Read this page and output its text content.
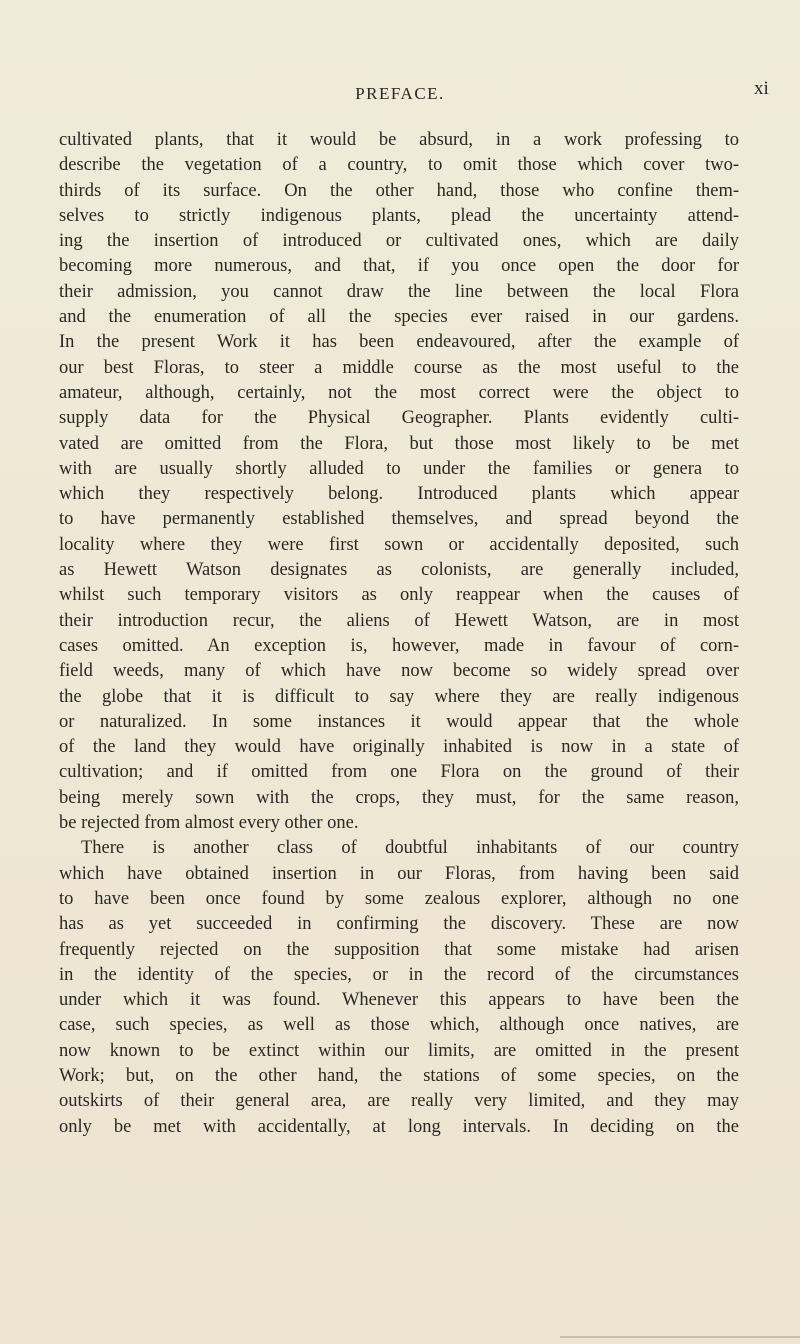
PREFACE.	xi
cultivated plants, that it would be absurd, in a work professing to
describe the vegetation of a country, to omit those which cover two-
thirds of its surface. On the other hand, those who confine them-
selves to strictly indigenous plants, plead the uncertainty attend-
ing the insertion of introduced or cultivated ones, which are daily
becoming more numerous, and that, if you once open the door for
their admission, you cannot draw the line between the local Flora
and the enumeration of all the species ever raised in our gardens.
In the present Work it has been endeavoured, after the example of
our best Floras, to steer a middle course as the most useful to the
amateur, although, certainly, not the most correct were the object to
supply data for the Physical Geographer. Plants evidently culti-
vated are omitted from the Flora, but those most likely to be met
with are usually shortly alluded to under the families or genera to
which they respectively belong. Introduced plants which appear
to have permanently established themselves, and spread beyond the
locality where they were first sown or accidentally deposited, such
as Hewett Watson designates as colonists, are generally included,
whilst such temporary visitors as only reappear when the causes of
their introduction recur, the aliens of Hewett Watson, are in most
cases omitted. An exception is, however, made in favour of corn-
field weeds, many of which have now become so widely spread over
the globe that it is difficult to say where they are really indigenous
or naturalized. In some instances it would appear that the whole
of the land they would have originally inhabited is now in a state of
cultivation; and if omitted from one Flora on the ground of their
being merely sown with the crops, they must, for the same reason,
be rejected from almost every other one.
There is another class of doubtful inhabitants of our country
which have obtained insertion in our Floras, from having been said
to have been once found by some zealous explorer, although no one
has as yet succeeded in confirming the discovery. These are now
frequently rejected on the supposition that some mistake had arisen
in the identity of the species, or in the record of the circumstances
under which it was found. Whenever this appears to have been the
case, such species, as well as those which, although once natives, are
now known to be extinct within our limits, are omitted in the present
Work; but, on the other hand, the stations of some species, on the
outskirts of their general area, are really very limited, and they may
only be met with accidentally, at long intervals. In deciding on the
